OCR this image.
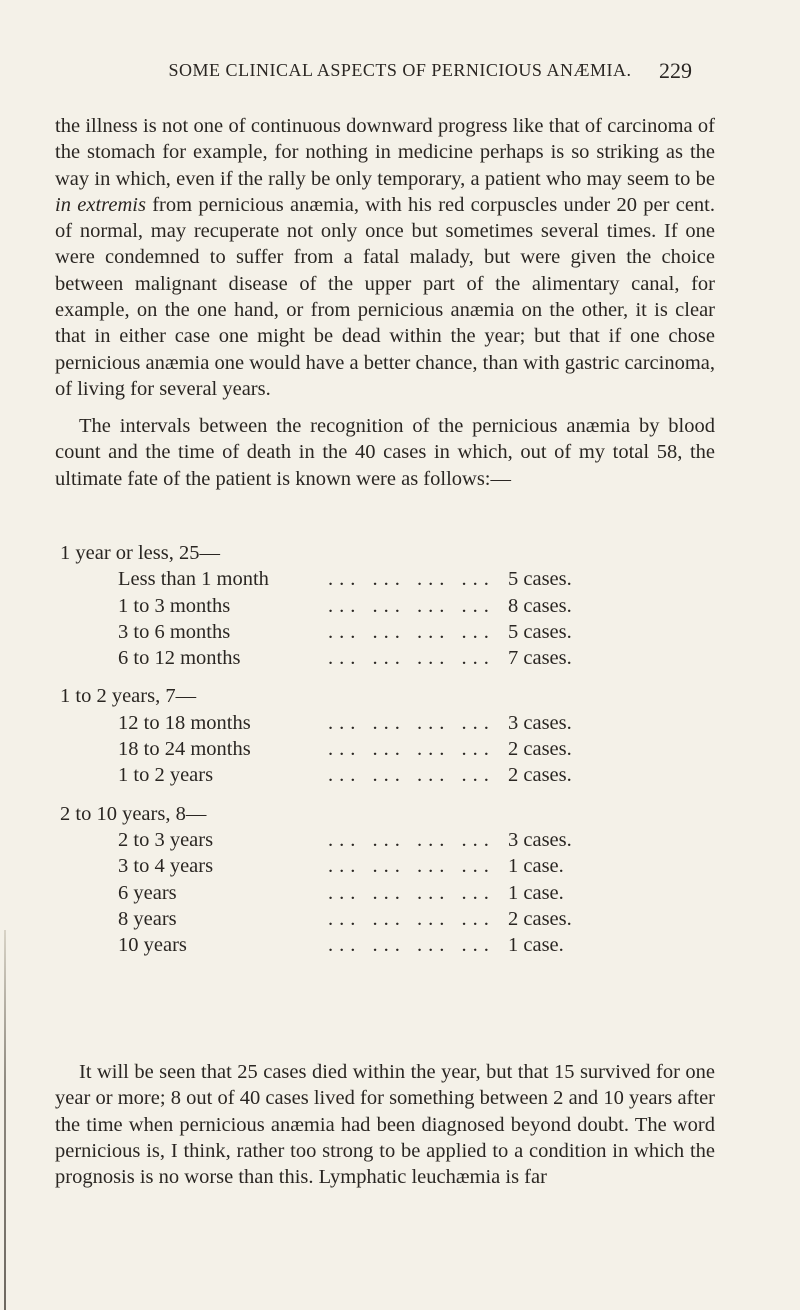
SOME CLINICAL ASPECTS OF PERNICIOUS ANÆMIA.	229

the illness is not one of continuous downward progress like that of carcinoma of the stomach for example, for nothing in medicine perhaps is so striking as the way in which, even if the rally be only temporary, a patient who may seem to be in extremis from pernicious anæmia, with his red corpuscles under 20 per cent. of normal, may recuperate not only once but sometimes several times. If one were condemned to suffer from a fatal malady, but were given the choice between malignant disease of the upper part of the alimentary canal, for example, on the one hand, or from pernicious anæmia on the other, it is clear that in either case one might be dead within the year; but that if one chose pernicious anæmia one would have a better chance, than with gastric carcinoma, of living for several years.

The intervals between the recognition of the pernicious anæmia by blood count and the time of death in the 40 cases in which, out of my total 58, the ultimate fate of the patient is known were as follows:—

1 year or less, 25—
Less than 1 month	... ... ... ... 5 cases.
1 to 3 months	... ... ... ... 8 cases.
3 to 6 months	... ... ... ... 5 cases.
6 to 12 months	... ... ... ... 7 cases.
1 to 2 years, 7—
12 to 18 months	... ... ... ... 3 cases.
18 to 24 months	... ... ... ... 2 cases.
1 to 2 years	... ... ... ... 2 cases.
2 to 10 years, 8—
2 to 3 years	... ... ... ... 3 cases.
3 to 4 years	... ... ... ... 1 case.
6 years	... ... ... ... 1 case.
8 years	... ... ... ... 2 cases.
10 years	... ... ... ... 1 case.

It will be seen that 25 cases died within the year, but that 15 survived for one year or more; 8 out of 40 cases lived for something between 2 and 10 years after the time when pernicious anæmia had been diagnosed beyond doubt. The word pernicious is, I think, rather too strong to be applied to a condition in which the prognosis is no worse than this. Lymphatic leuchæmia is far
